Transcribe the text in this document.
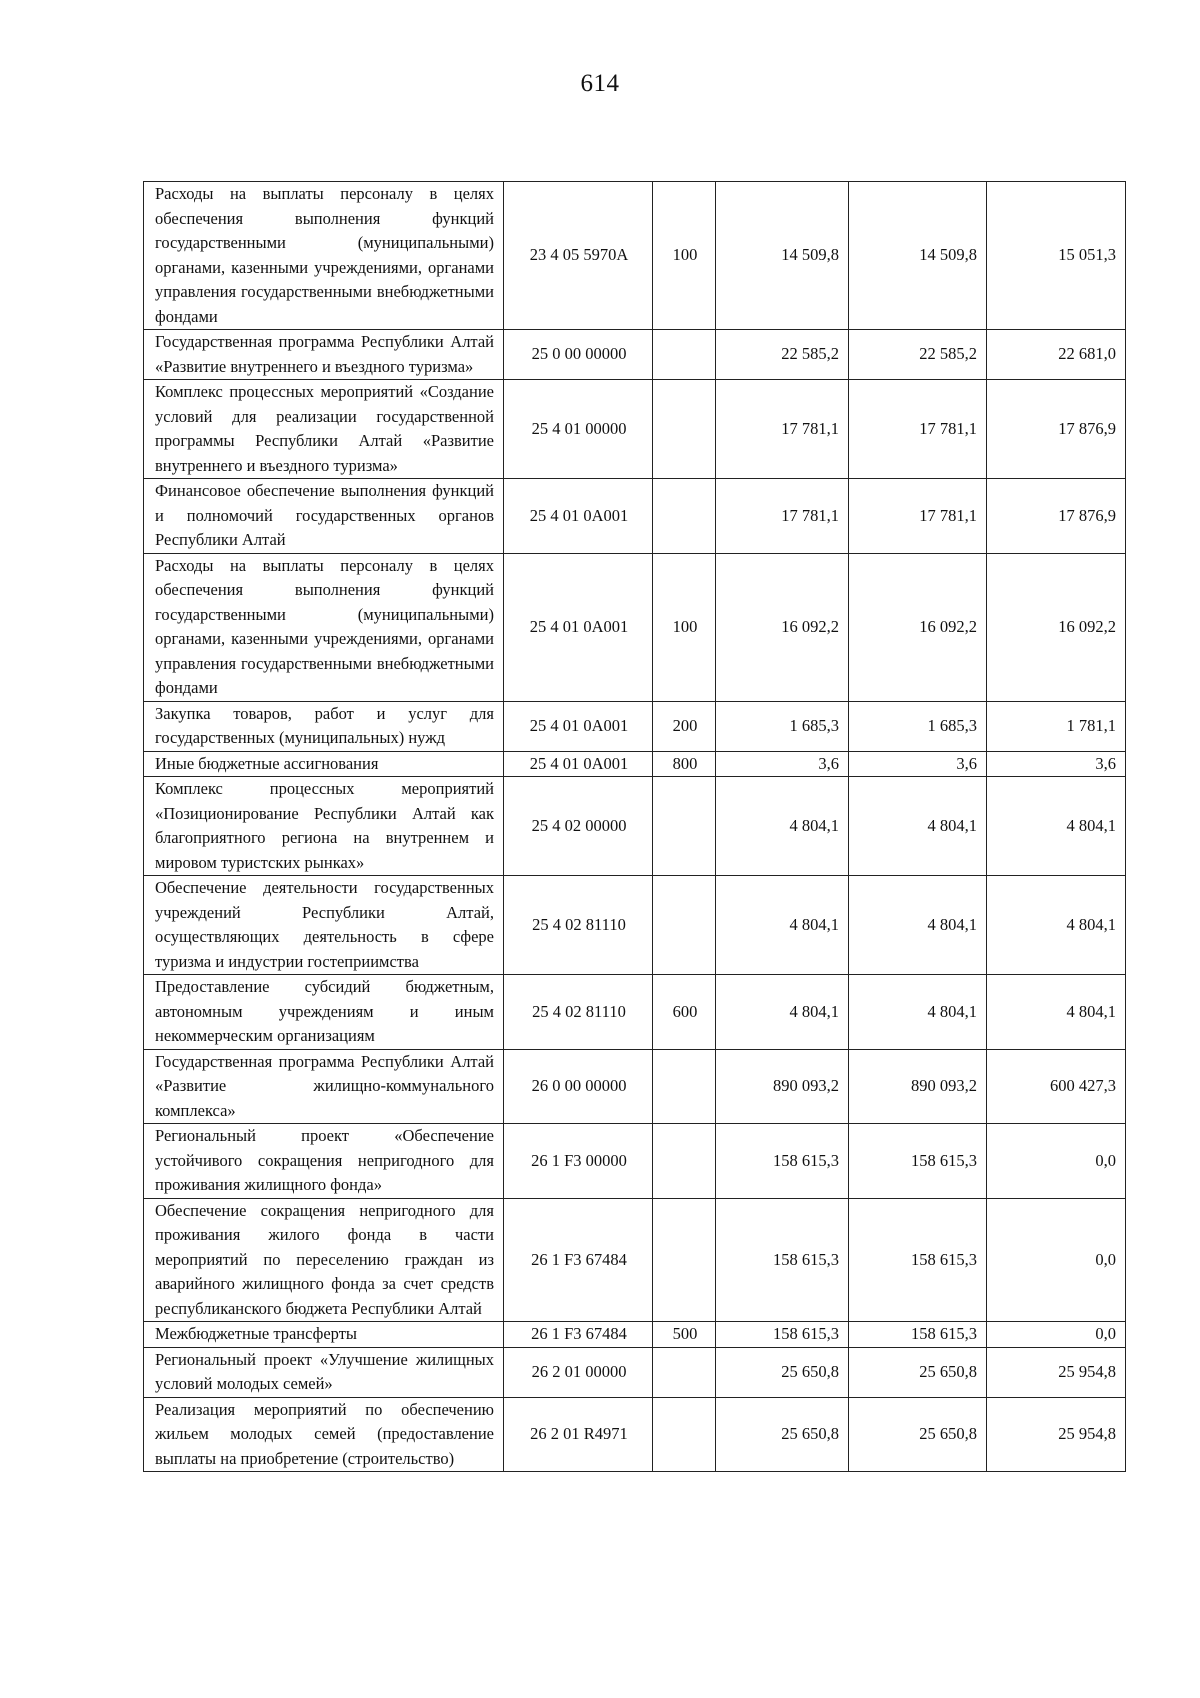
614
Расходы на выплаты персоналу в целях обеспечения выполнения функций государственными (муниципальными) органами, казенными учреждениями, органами управления государственными внебюджетными фондами	23 4 05 5970A	100	14 509,8	14 509,8	15 051,3
Государственная программа Республики Алтай «Развитие внутреннего и въездного туризма»	25 0 00 00000		22 585,2	22 585,2	22 681,0
Комплекс процессных мероприятий «Создание условий для реализации государственной программы Республики Алтай «Развитие внутреннего и въездного туризма»	25 4 01 00000		17 781,1	17 781,1	17 876,9
Финансовое обеспечение выполнения функций и полномочий государственных органов Республики Алтай	25 4 01 0A001		17 781,1	17 781,1	17 876,9
Расходы на выплаты персоналу в целях обеспечения выполнения функций государственными (муниципальными) органами, казенными учреждениями, органами управления государственными внебюджетными фондами	25 4 01 0A001	100	16 092,2	16 092,2	16 092,2
Закупка товаров, работ и услуг для государственных (муниципальных) нужд	25 4 01 0A001	200	1 685,3	1 685,3	1 781,1
Иные бюджетные ассигнования	25 4 01 0A001	800	3,6	3,6	3,6
Комплекс процессных мероприятий «Позиционирование Республики Алтай как благоприятного региона на внутреннем и мировом туристских рынках»	25 4 02 00000		4 804,1	4 804,1	4 804,1
Обеспечение деятельности государственных учреждений Республики Алтай, осуществляющих деятельность в сфере туризма и индустрии гостеприимства	25 4 02 81110		4 804,1	4 804,1	4 804,1
Предоставление субсидий бюджетным, автономным учреждениям и иным некоммерческим организациям	25 4 02 81110	600	4 804,1	4 804,1	4 804,1
Государственная программа Республики Алтай «Развитие жилищно-коммунального комплекса»	26 0 00 00000		890 093,2	890 093,2	600 427,3
Региональный проект «Обеспечение устойчивого сокращения непригодного для проживания жилищного фонда»	26 1 F3 00000		158 615,3	158 615,3	0,0
Обеспечение сокращения непригодного для проживания жилого фонда в части мероприятий по переселению граждан из аварийного жилищного фонда за счет средств республиканского бюджета Республики Алтай	26 1 F3 67484		158 615,3	158 615,3	0,0
Межбюджетные трансферты	26 1 F3 67484	500	158 615,3	158 615,3	0,0
Региональный проект «Улучшение жилищных условий молодых семей»	26 2 01 00000		25 650,8	25 650,8	25 954,8
Реализация мероприятий по обеспечению жильем молодых семей (предоставление выплаты на приобретение (строительство)	26 2 01 R4971		25 650,8	25 650,8	25 954,8
